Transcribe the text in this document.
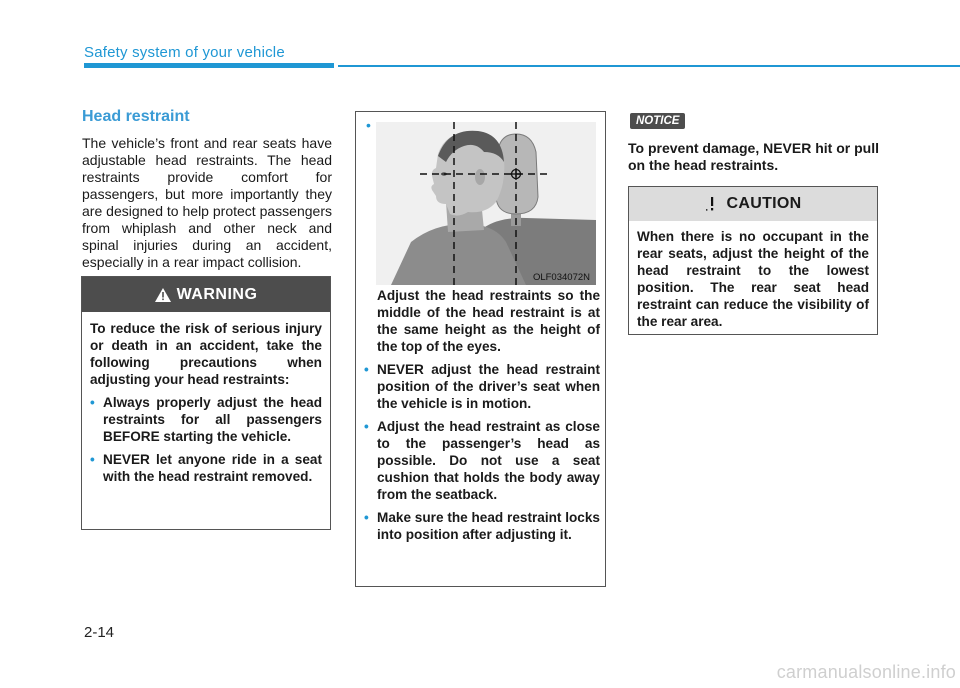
Safety system of your vehicle
Head restraint

The vehicle’s front and rear seats have adjustable head restraints. The head restraints provide comfort for passengers, but more importantly they are designed to help protect passengers from whiplash and other neck and spinal injuries during an accident, especially in a rear impact collision.

WARNING

To reduce the risk of serious injury or death in an accident, take the following precautions when adjusting your head restraints:

• Always properly adjust the head restraints for all passengers BEFORE starting the vehicle.
• NEVER let anyone ride in a seat with the head restraint removed.
•
OLF034072N

Adjust the head restraints so the middle of the head restraint is at the same height as the height of the top of the eyes.

• NEVER adjust the head restraint position of the driver’s seat when the vehicle is in motion.
• Adjust the head restraint as close to the passenger’s head as possible. Do not use a seat cushion that holds the body away from the seatback.
• Make sure the head restraint locks into position after adjusting it.
NOTICE

To prevent damage, NEVER hit or pull on the head restraints.

CAUTION

When there is no occupant in the rear seats, adjust the height of the head restraint to the lowest position. The rear seat head restraint can reduce the visibility of the rear area.

2-14
carmanualsonline.info
